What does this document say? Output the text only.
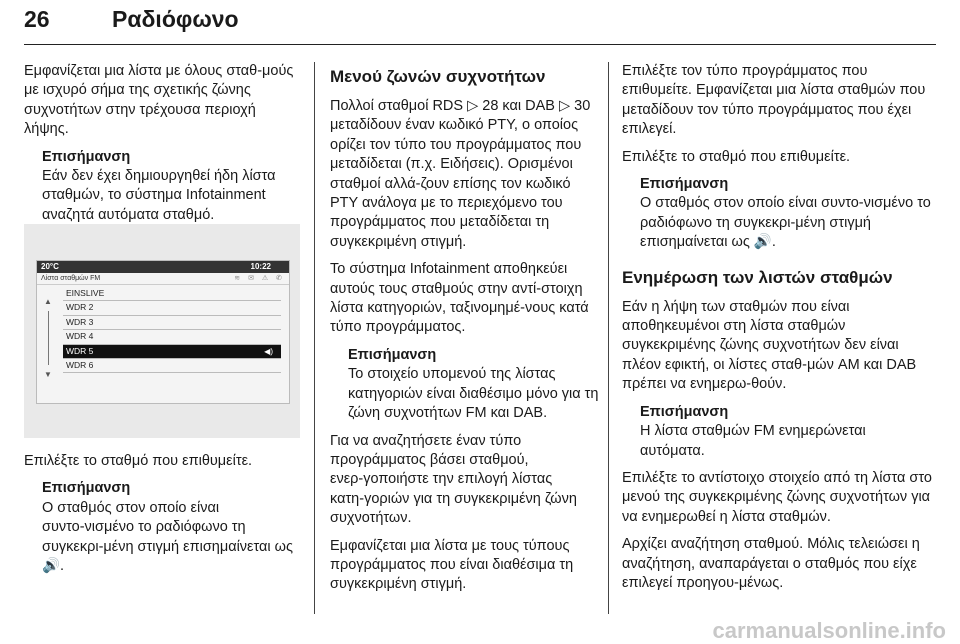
26	Ραδιόφωνο

Εμφανίζεται μια λίστα με όλους σταθ‑μούς με ισχυρό σήμα της σχετικής ζώνης συχνοτήτων στην τρέχουσα περιοχή λήψης.

Επισήμανση
Εάν δεν έχει δημιουργηθεί ήδη λίστα σταθμών, το σύστημα Infotainment αναζητά αυτόματα σταθμό.
20°C	10:22
Λίστα σταθμών FM	≋ ✉ ⚠ ✆
▲
▼
EINSLIVE
WDR 2
WDR 3
WDR 4
WDR 5	◀)
WDR 6

Επιλέξτε το σταθμό που επιθυμείτε.

Επισήμανση
Ο σταθμός στον οποίο είναι συντο‑νισμένο το ραδιόφωνο τη συγκεκρι‑μένη στιγμή επισημαίνεται ως 🔊.
Μενού ζωνών συχνοτήτων

Πολλοί σταθμοί RDS ▷ 28 και DAB ▷ 30 μεταδίδουν έναν κωδικό PTY, ο οποίος ορίζει τον τύπο του προγράμματος που μεταδίδεται (π.χ. Ειδήσεις). Ορισμένοι σταθμοί αλλά‑ζουν επίσης τον κωδικό PTY ανάλογα με το περιεχόμενο του προγράμματος που μεταδίδεται τη συγκεκριμένη στιγμή.

Το σύστημα Infotainment αποθηκεύει αυτούς τους σταθμούς στην αντί‑στοιχη λίστα κατηγοριών, ταξινομημέ‑νους κατά τύπο προγράμματος.

Επισήμανση
Το στοιχείο υπομενού της λίστας κατηγοριών είναι διαθέσιμο μόνο για τη ζώνη συχνοτήτων FM και DAB.

Για να αναζητήσετε έναν τύπο προγράμματος βάσει σταθμού, ενερ‑γοποιήστε την επιλογή λίστας κατη‑γοριών για τη συγκεκριμένη ζώνη συχνοτήτων.

Εμφανίζεται μια λίστα με τους τύπους προγράμματος που είναι διαθέσιμα τη συγκεκριμένη στιγμή.

Επιλέξτε τον τύπο προγράμματος που επιθυμείτε. Εμφανίζεται μια λίστα σταθμών που μεταδίδουν τον τύπο προγράμματος που έχει επιλεγεί.

Επιλέξτε το σταθμό που επιθυμείτε.

Επισήμανση
Ο σταθμός στον οποίο είναι συντο‑νισμένο το ραδιόφωνο τη συγκεκρι‑μένη στιγμή επισημαίνεται ως 🔊.
Ενημέρωση των λιστών σταθμών

Εάν η λήψη των σταθμών που είναι αποθηκευμένοι στη λίστα σταθμών συγκεκριμένης ζώνης συχνοτήτων δεν είναι πλέον εφικτή, οι λίστες σταθ‑μών AM και DAB πρέπει να ενημερω‑θούν.

Επισήμανση
Η λίστα σταθμών FM ενημερώνεται αυτόματα.

Επιλέξτε το αντίστοιχο στοιχείο από τη λίστα στο μενού της συγκεκριμένης ζώνης συχνοτήτων για να ενημερωθεί η λίστα σταθμών.

Αρχίζει αναζήτηση σταθμού. Μόλις τελειώσει η αναζήτηση, αναπαράγεται ο σταθμός που είχε επιλεγεί προηγου‑μένως.

carmanualsonline.info
